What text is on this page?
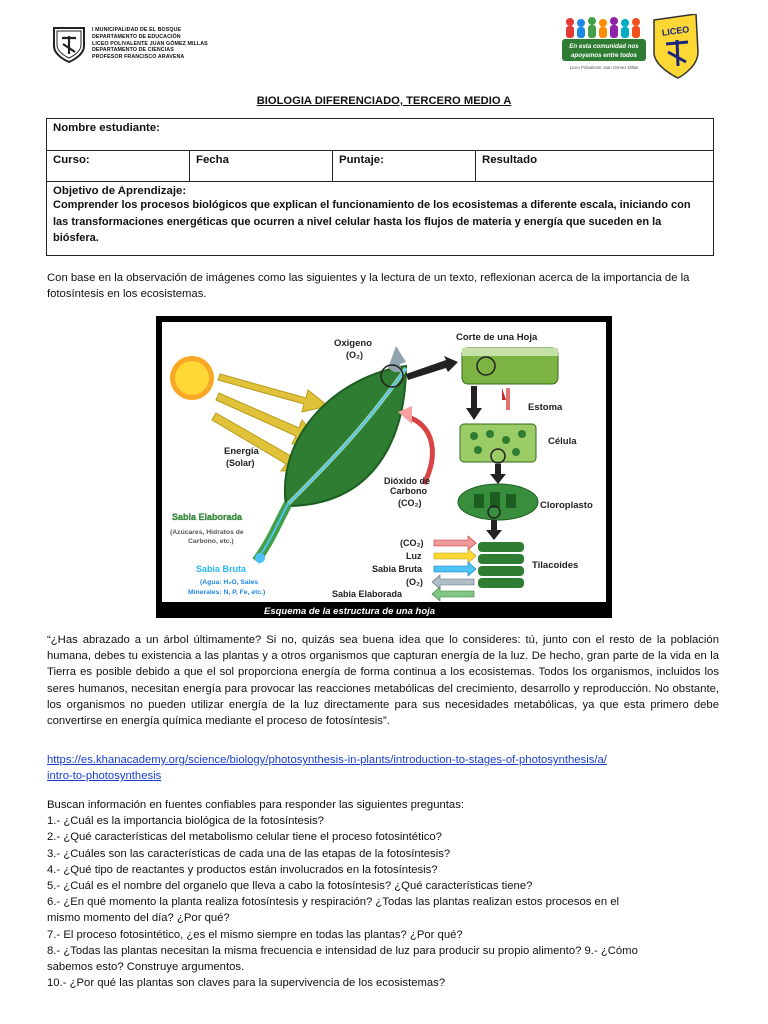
I MUNICIPALIDAD DE EL BOSQUE
DEPARTAMENTO DE EDUCACIÓN
LICEO POLIVALENTE JUAN GÓMEZ MILLAS
DEPARTAMENTO DE CIENCIAS
PROFESOR FRANCISCO ARAVENA
En esta comunidad nos
apoyamos entre todos
Liceo Polivalente Juan Gómez Millas
LICEO
BIOLOGIA DIFERENCIADO, TERCERO MEDIO A
Nombre estudiante:
Curso:	Fecha	Puntaje:	Resultado

Objetivo de Aprendizaje:
Comprender los procesos biológicos que explican el funcionamiento de los ecosistemas a diferente escala, iniciando con las transformaciones energéticas que ocurren a nivel celular hasta los flujos de materia y energía que suceden en la biósfera.
Con base en la observación de imágenes como las siguientes y la lectura de un texto, reflexionan acerca de la importancia de la fotosíntesis en los ecosistemas.
Oxigeno
(O₂)
Energía
(Solar)
Dióxido de
Carbono
(CO₂)
Sabia Elaborada
(Azúcares, Hidratos de
Carbono, etc.)
Sabia Bruta
(Agua: H₂O, Sales
Minerales: N, P, Fe, etc.)
Corte de una Hoja
Estoma
Célula
Cloroplasto
Tilacoides
(CO₂)
Luz
Sabia Bruta
(O₂)
Sabia Elaborada
Esquema de la estructura de una hoja
“¿Has abrazado a un árbol últimamente? Si no, quizás sea buena idea que lo consideres: tú, junto con el resto de la población humana, debes tu existencia a las plantas y a otros organismos que capturan energía de la luz. De hecho, gran parte de la vida en la Tierra es posible debido a que el sol proporciona energía de forma continua a los ecosistemas. Todos los organismos, incluidos los seres humanos, necesitan energía para provocar las reacciones metabólicas del crecimiento, desarrollo y reproducción. No obstante, los organismos no pueden utilizar energía de la luz directamente para sus necesidades metabólicas, ya que esta primero debe convertirse en energía química mediante el proceso de fotosíntesis”.
https://es.khanacademy.org/science/biology/photosynthesis-in-plants/introduction-to-stages-of-photosynthesis/a/
intro-to-photosynthesis
Buscan información en fuentes confiables para responder las siguientes preguntas:
1.- ¿Cuál es la importancia biológica de la fotosíntesis?
2.- ¿Qué características del metabolismo celular tiene el proceso fotosintético?
3.- ¿Cuáles son las características de cada una de las etapas de la fotosíntesis?
4.- ¿Qué tipo de reactantes y productos están involucrados en la fotosíntesis?
5.- ¿Cuál es el nombre del organelo que lleva a cabo la fotosíntesis? ¿Qué características tiene?
6.- ¿En qué momento la planta realiza fotosíntesis y respiración? ¿Todas las plantas realizan estos procesos en el
mismo momento del día? ¿Por qué?
7.- El proceso fotosintético, ¿es el mismo siempre en todas las plantas? ¿Por qué?
8.- ¿Todas las plantas necesitan la misma frecuencia e intensidad de luz para producir su propio alimento? 9.- ¿Cómo
sabemos esto? Construye argumentos.
10.- ¿Por qué las plantas son claves para la supervivencia de los ecosistemas?
